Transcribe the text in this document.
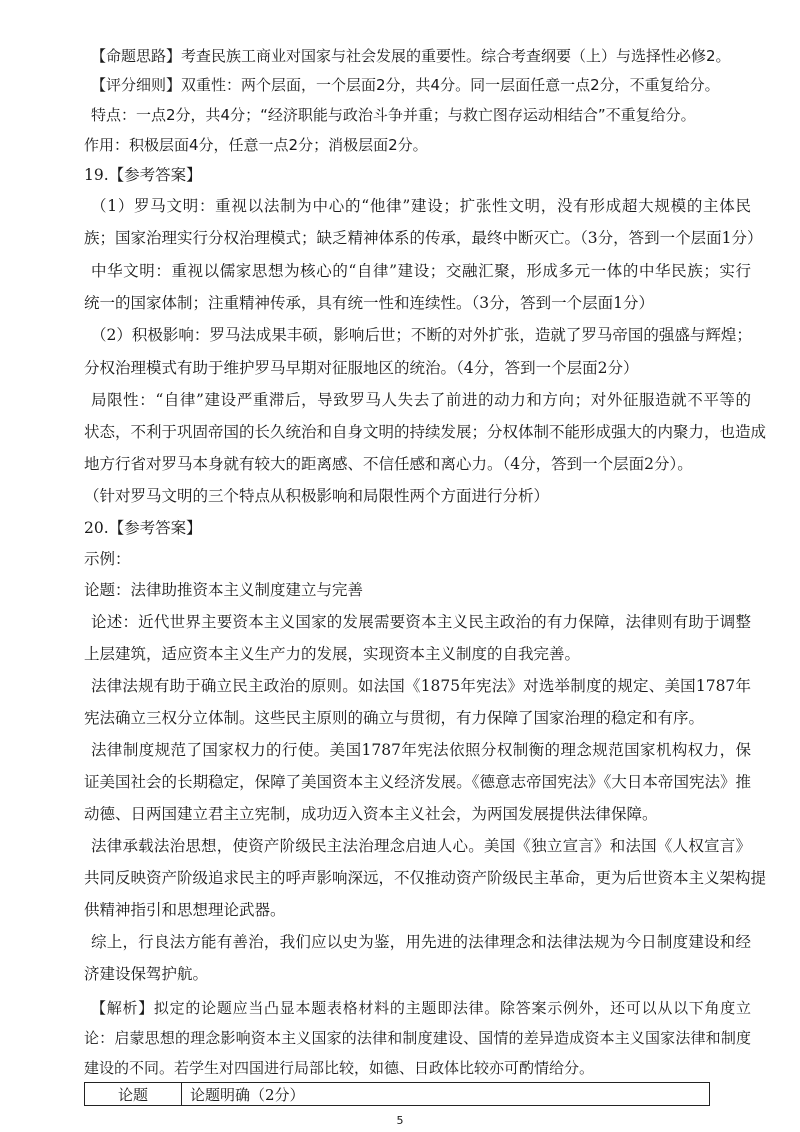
【命题思路】考查民族工商业对国家与社会发展的重要性。综合考查纲要（上）与选择性必修2。
【评分细则】双重性：两个层面，一个层面2分，共4分。同一层面任意一点2分，不重复给分。
特点：一点2分，共4分；“经济职能与政治斗争并重；与救亡图存运动相结合”不重复给分。
作用：积极层面4分，任意一点2分；消极层面2分。
19.【参考答案】
（1）罗马文明：重视以法制为中心的“他律”建设；扩张性文明，没有形成超大规模的主体民
族；国家治理实行分权治理模式；缺乏精神体系的传承，最终中断灭亡。（3分，答到一个层面1分）
中华文明：重视以儒家思想为核心的“自律”建设；交融汇聚，形成多元一体的中华民族；实行
统一的国家体制；注重精神传承，具有统一性和连续性。（3分，答到一个层面1分）
（2）积极影响：罗马法成果丰硕，影响后世；不断的对外扩张，造就了罗马帝国的强盛与辉煌；
分权治理模式有助于维护罗马早期对征服地区的统治。（4分，答到一个层面2分）
局限性：“自律”建设严重滞后，导致罗马人失去了前进的动力和方向；对外征服造就不平等的
状态，不利于巩固帝国的长久统治和自身文明的持续发展；分权体制不能形成强大的内聚力，也造成
地方行省对罗马本身就有较大的距离感、不信任感和离心力。（4分，答到一个层面2分）。
（针对罗马文明的三个特点从积极影响和局限性两个方面进行分析）
20.【参考答案】
示例：
论题：法律助推资本主义制度建立与完善
论述：近代世界主要资本主义国家的发展需要资本主义民主政治的有力保障，法律则有助于调整
上层建筑，适应资本主义生产力的发展，实现资本主义制度的自我完善。
法律法规有助于确立民主政治的原则。如法国《1875年宪法》对选举制度的规定、美国1787年
宪法确立三权分立体制。这些民主原则的确立与贯彻，有力保障了国家治理的稳定和有序。
法律制度规范了国家权力的行使。美国1787年宪法依照分权制衡的理念规范国家机构权力，保
证美国社会的长期稳定，保障了美国资本主义经济发展。《德意志帝国宪法》《大日本帝国宪法》推
动德、日两国建立君主立宪制，成功迈入资本主义社会，为两国发展提供法律保障。
法律承载法治思想，使资产阶级民主法治理念启迪人心。美国《独立宣言》和法国《人权宣言》
共同反映资产阶级追求民主的呼声影响深远，不仅推动资产阶级民主革命，更为后世资本主义架构提
供精神指引和思想理论武器。
综上，行良法方能有善治，我们应以史为鉴，用先进的法律理念和法律法规为今日制度建设和经
济建设保驾护航。
【解析】拟定的论题应当凸显本题表格材料的主题即法律。除答案示例外，还可以从以下角度立
论：启蒙思想的理念影响资本主义国家的法律和制度建设、国情的差异造成资本主义国家法律和制度
建设的不同。若学生对四国进行局部比较，如德、日政体比较亦可酌情给分。
论题	论题明确（2分）
5
